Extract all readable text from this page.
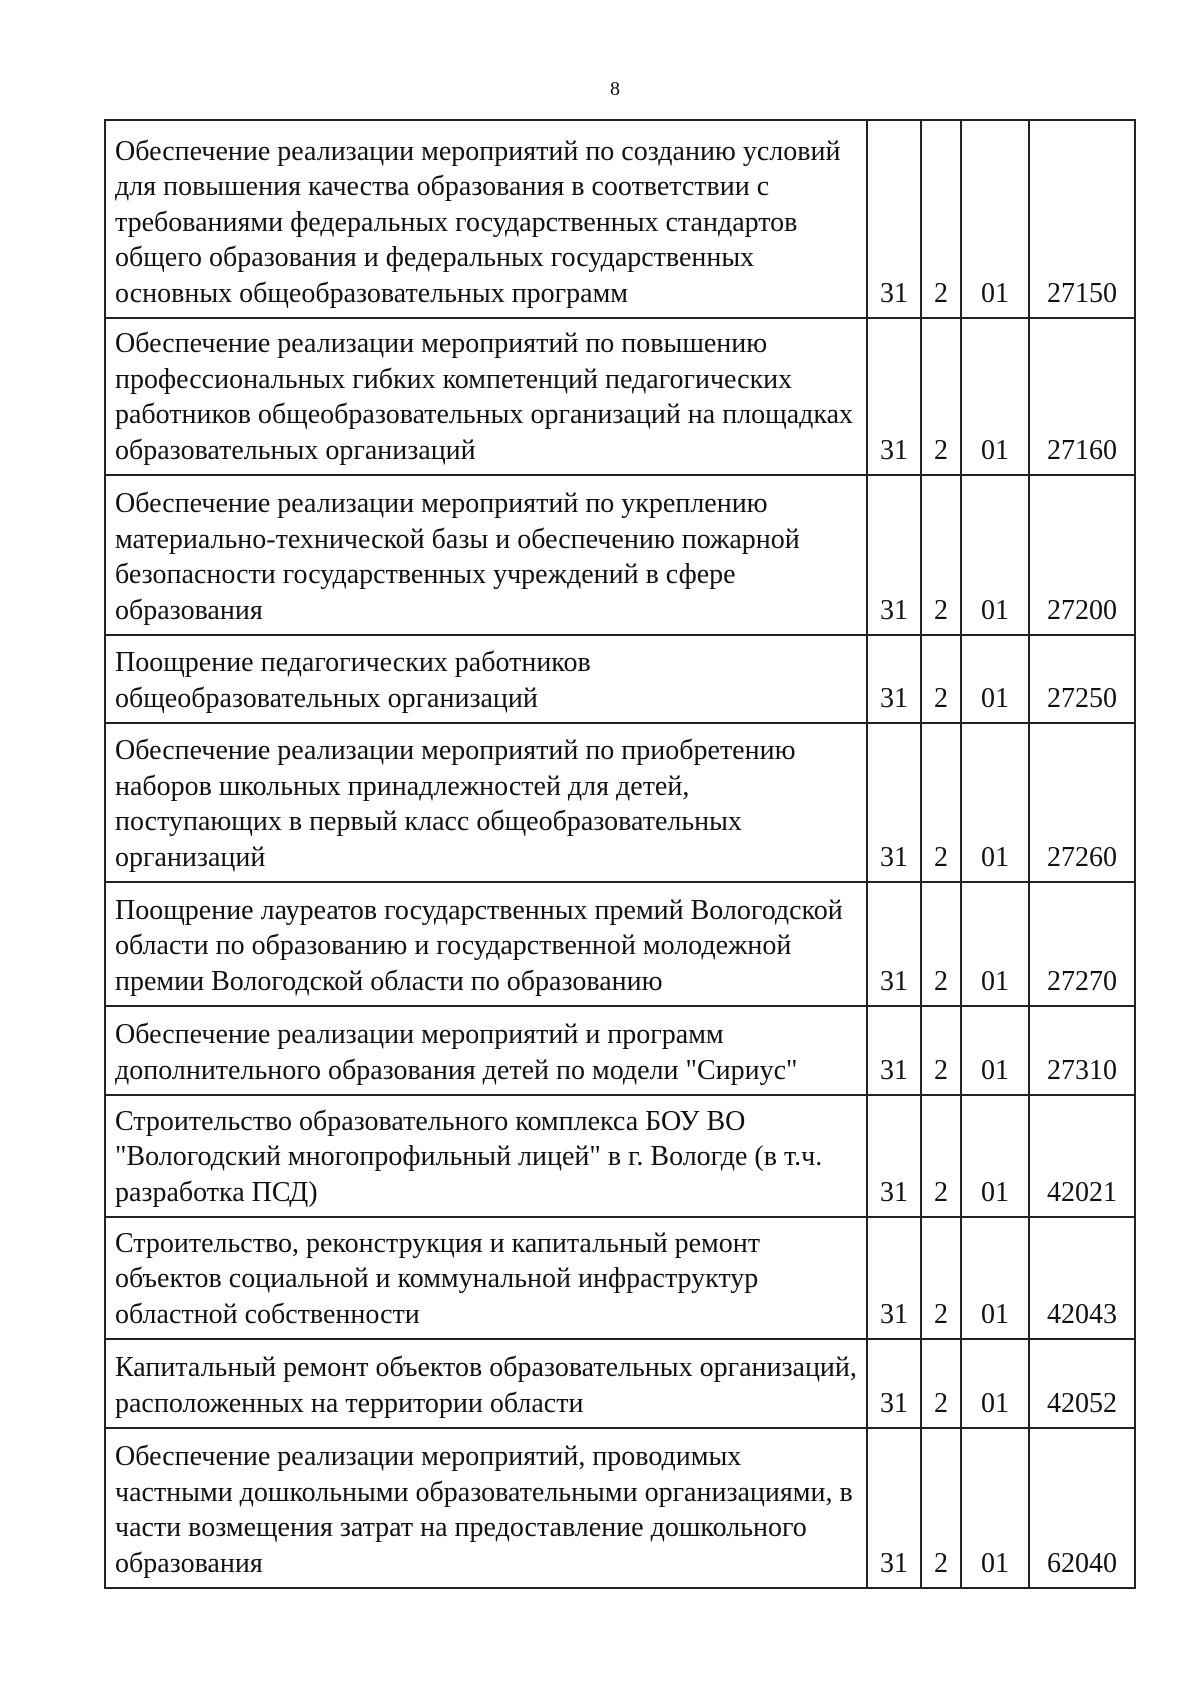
8
Обеспечение реализации мероприятий по созданию условий для повышения качества образования в соответствии с требованиями федеральных государственных стандартов общего образования и федеральных государственных основных общеобразовательных программ	31	2	01	27150
Обеспечение реализации мероприятий по повышению профессиональных гибких компетенций педагогических работников общеобразовательных организаций на площадках образовательных организаций	31	2	01	27160
Обеспечение реализации мероприятий по укреплению материально-технической базы и обеспечению пожарной безопасности государственных учреждений в сфере образования	31	2	01	27200
Поощрение педагогических работников общеобразовательных организаций	31	2	01	27250
Обеспечение реализации мероприятий по приобретению наборов школьных принадлежностей для детей, поступающих в первый класс общеобразовательных организаций	31	2	01	27260
Поощрение лауреатов государственных премий Вологодской области по образованию и государственной молодежной премии Вологодской области по образованию	31	2	01	27270
Обеспечение реализации мероприятий и программ дополнительного образования детей по модели "Сириус"	31	2	01	27310
Строительство образовательного комплекса БОУ ВО "Вологодский многопрофильный лицей" в г. Вологде (в т.ч. разработка ПСД)	31	2	01	42021
Строительство, реконструкция и капитальный ремонт объектов социальной и коммунальной инфраструктур областной собственности	31	2	01	42043
Капитальный ремонт объектов образовательных организаций, расположенных на территории области	31	2	01	42052
Обеспечение реализации мероприятий, проводимых частными дошкольными образовательными организациями, в части возмещения затрат на предоставление дошкольного образования	31	2	01	62040
